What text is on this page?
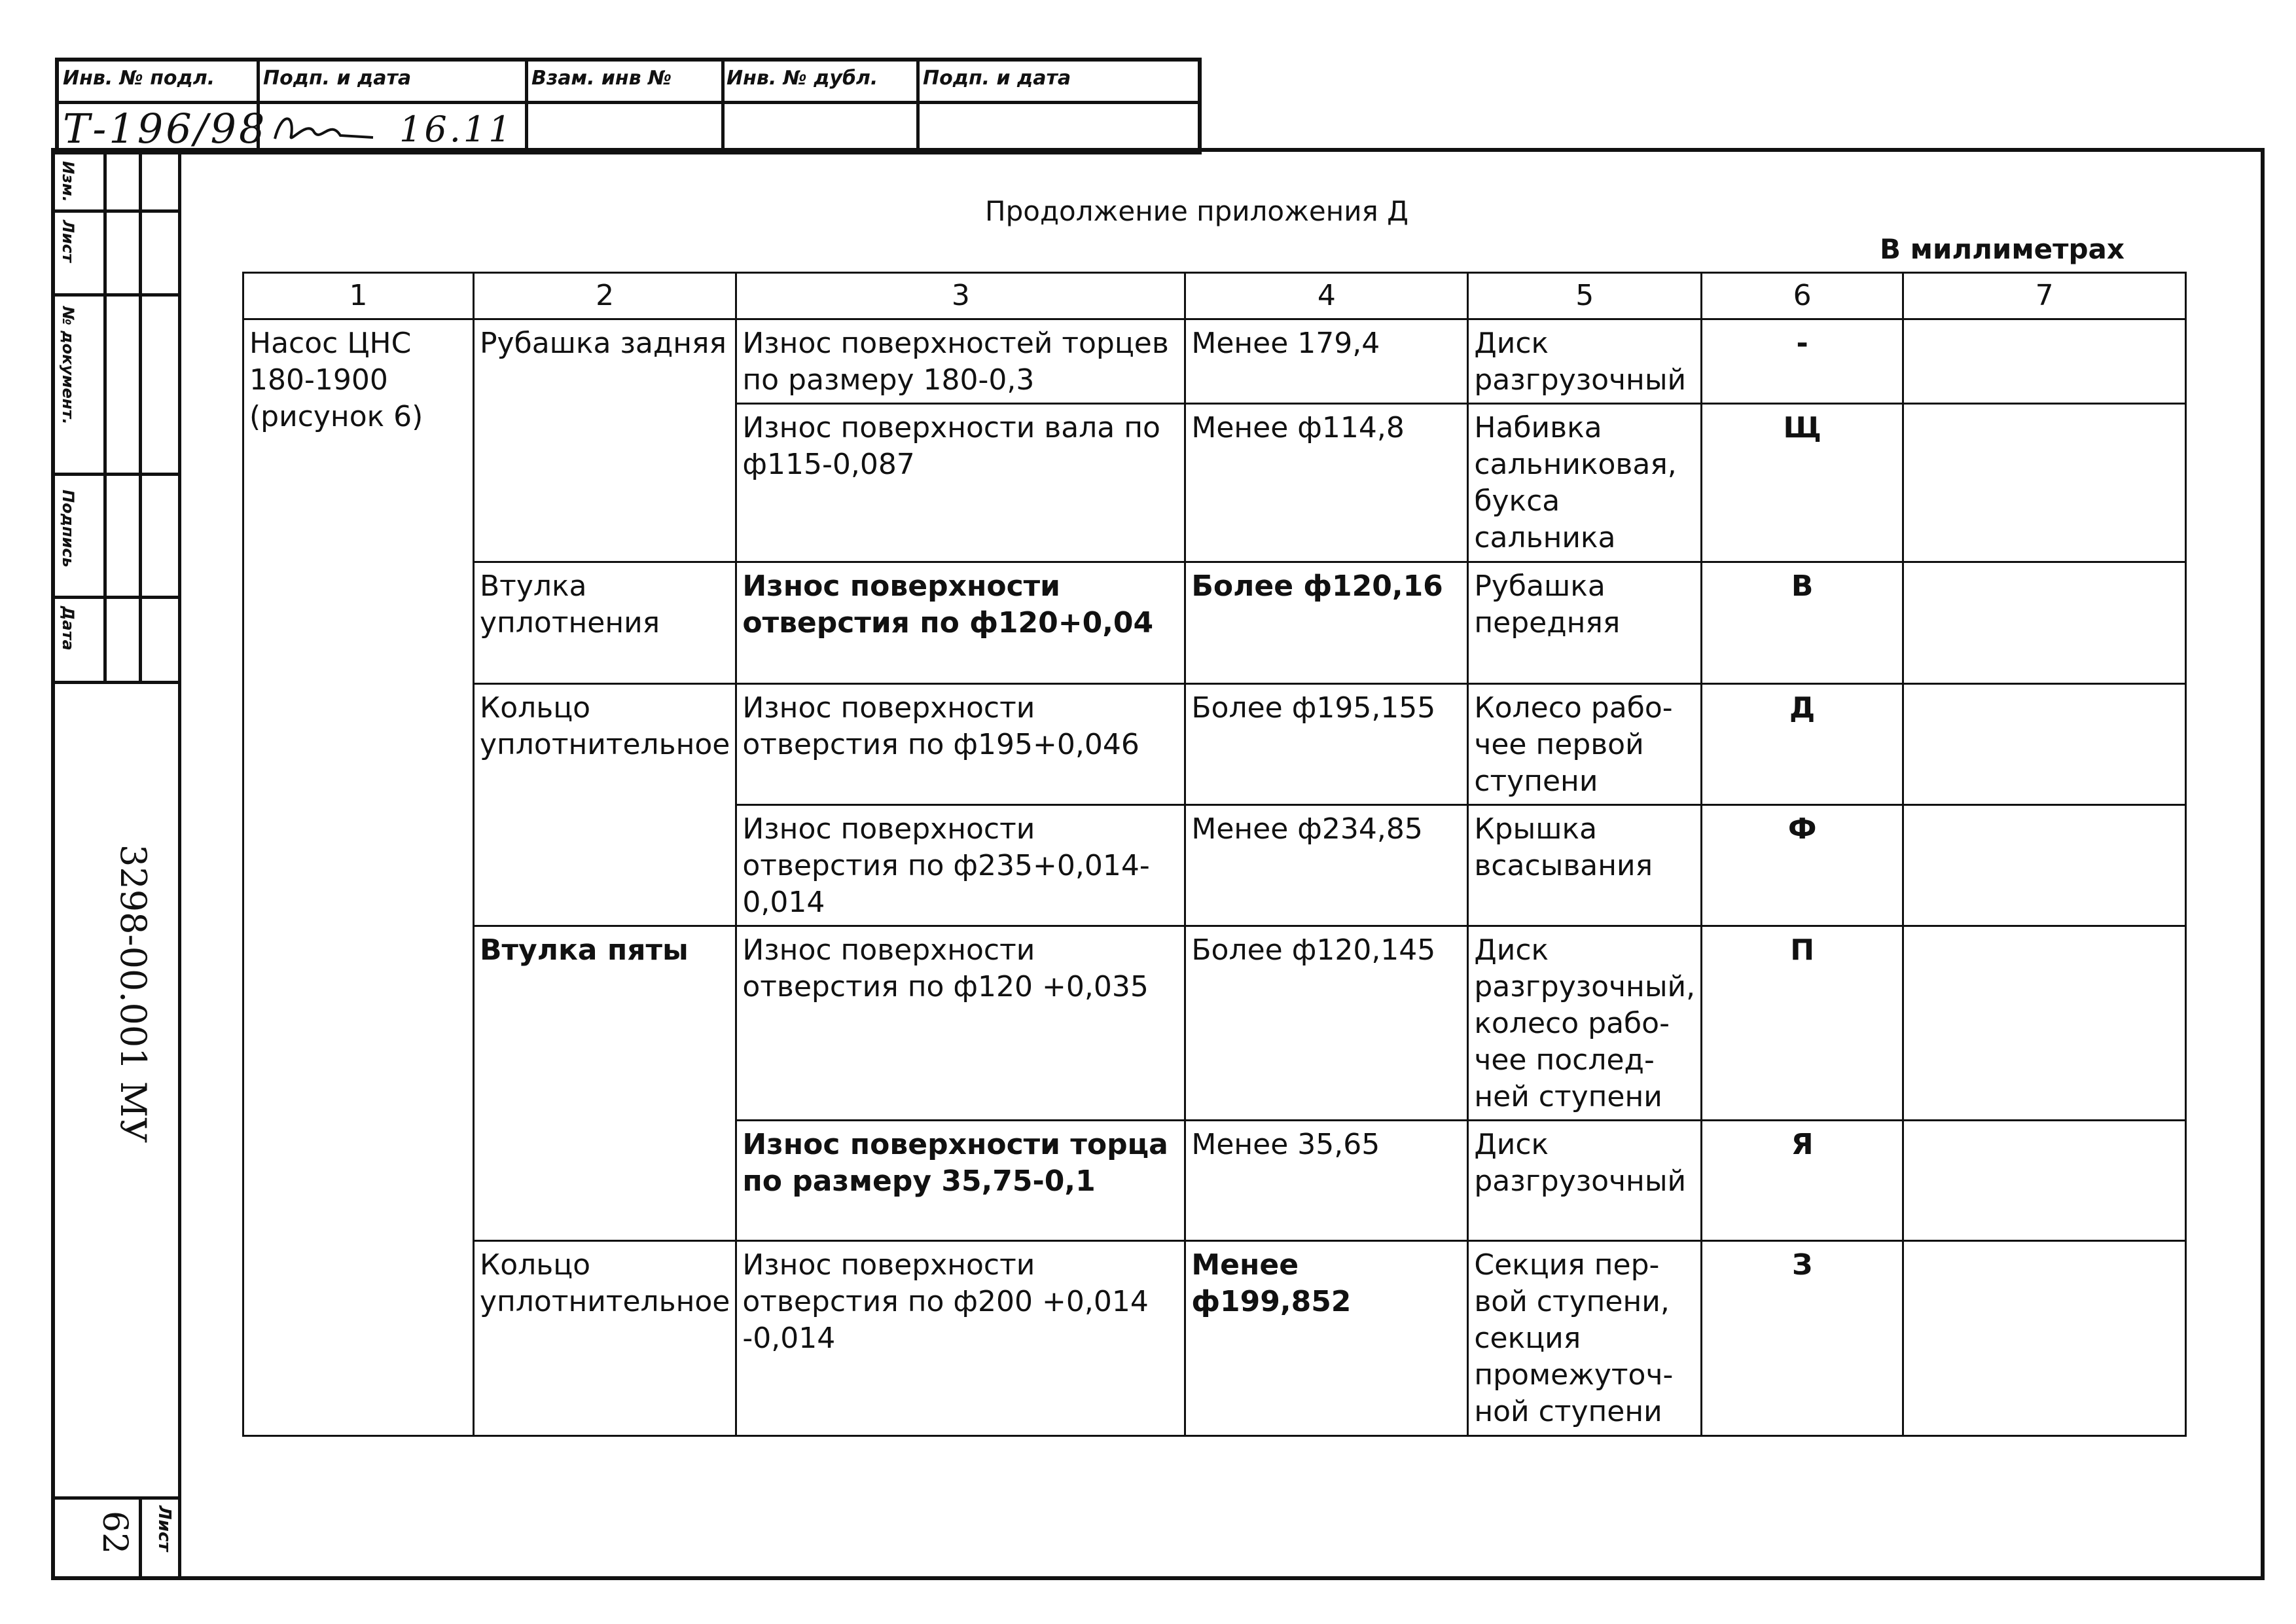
Инв. № подл. Подп. и дата	Взам. инв №	Инв. № дубл. Подп. и дата
Т-196/98	16.11
Изм.
Лист
№ документ.
Подпись
Дата
3298-00.001 МУ
62 Лист
Продолжение приложения Д
В миллиметрах
1	2	3	4	5	6	7
Насос ЦНС 180-1900 (рисунок 6)	Рубашка задняя	Износ поверхностей торцев по размеру 180-0,3	Менее 179,4	Диск разгрузочный	-	
		Износ поверхности вала по ф115-0,087	Менее ф114,8	Набивка сальниковая, букса сальника	Щ	
	Втулка уплотнения	Износ поверхности отверстия по ф120+0,04	Более ф120,16	Рубашка передняя	В	
	Кольцо уплотнительное	Износ поверхности отверстия по ф195+0,046	Более ф195,155	Колесо рабо-чее первой ступени	Д	
		Износ поверхности отверстия по ф235+0,014-0,014	Менее ф234,85	Крышка всасывания	Ф	
	Втулка пяты	Износ поверхности отверстия по ф120 +0,035	Более ф120,145	Диск разгрузочный, колесо рабо-чее послед-ней ступени	П	
		Износ поверхности торца по размеру 35,75-0,1	Менее 35,65	Диск разгрузочный	Я	
	Кольцо уплотнительное	Износ поверхности отверстия по ф200 +0,014 -0,014	Менее ф199,852	Секция пер-вой ступени, секция промежуточ-ной ступени	З	
